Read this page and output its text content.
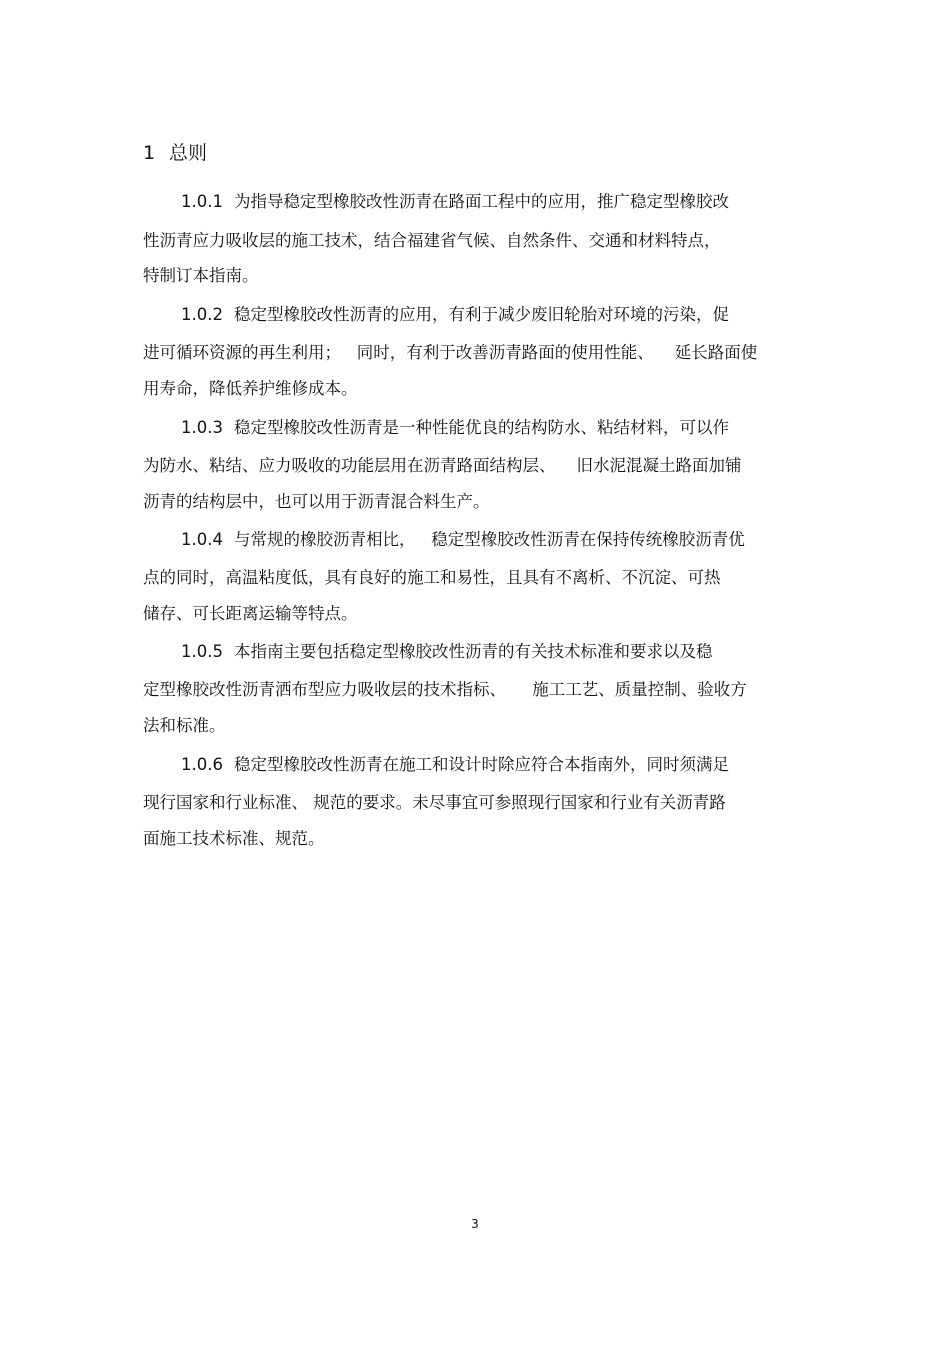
1 总则
1.0.1 为指导稳定型橡胶改性沥青在路面工程中的应用，推广稳定型橡胶改
性沥青应力吸收层的施工技术，结合福建省气候、自然条件、交通和材料特点，
特制订本指南。
1.0.2 稳定型橡胶改性沥青的应用，有利于减少废旧轮胎对环境的污染，促
进可循环资源的再生利用；   同时，有利于改善沥青路面的使用性能、    延长路面使
用寿命，降低养护维修成本。
1.0.3 稳定型橡胶改性沥青是一种性能优良的结构防水、粘结材料，可以作
为防水、粘结、应力吸收的功能层用在沥青路面结构层、    旧水泥混凝土路面加铺
沥青的结构层中，也可以用于沥青混合料生产。
1.0.4 与常规的橡胶沥青相比，   稳定型橡胶改性沥青在保持传统橡胶沥青优
点的同时，高温粘度低，具有良好的施工和易性，且具有不离析、不沉淀、可热
储存、可长距离运输等特点。
1.0.5 本指南主要包括稳定型橡胶改性沥青的有关技术标准和要求以及稳
定型橡胶改性沥青洒布型应力吸收层的技术指标、     施工工艺、质量控制、验收方
法和标准。
1.0.6 稳定型橡胶改性沥青在施工和设计时除应符合本指南外，同时须满足
现行国家和行业标准、 规范的要求。未尽事宜可参照现行国家和行业有关沥青路
面施工技术标准、规范。
3
